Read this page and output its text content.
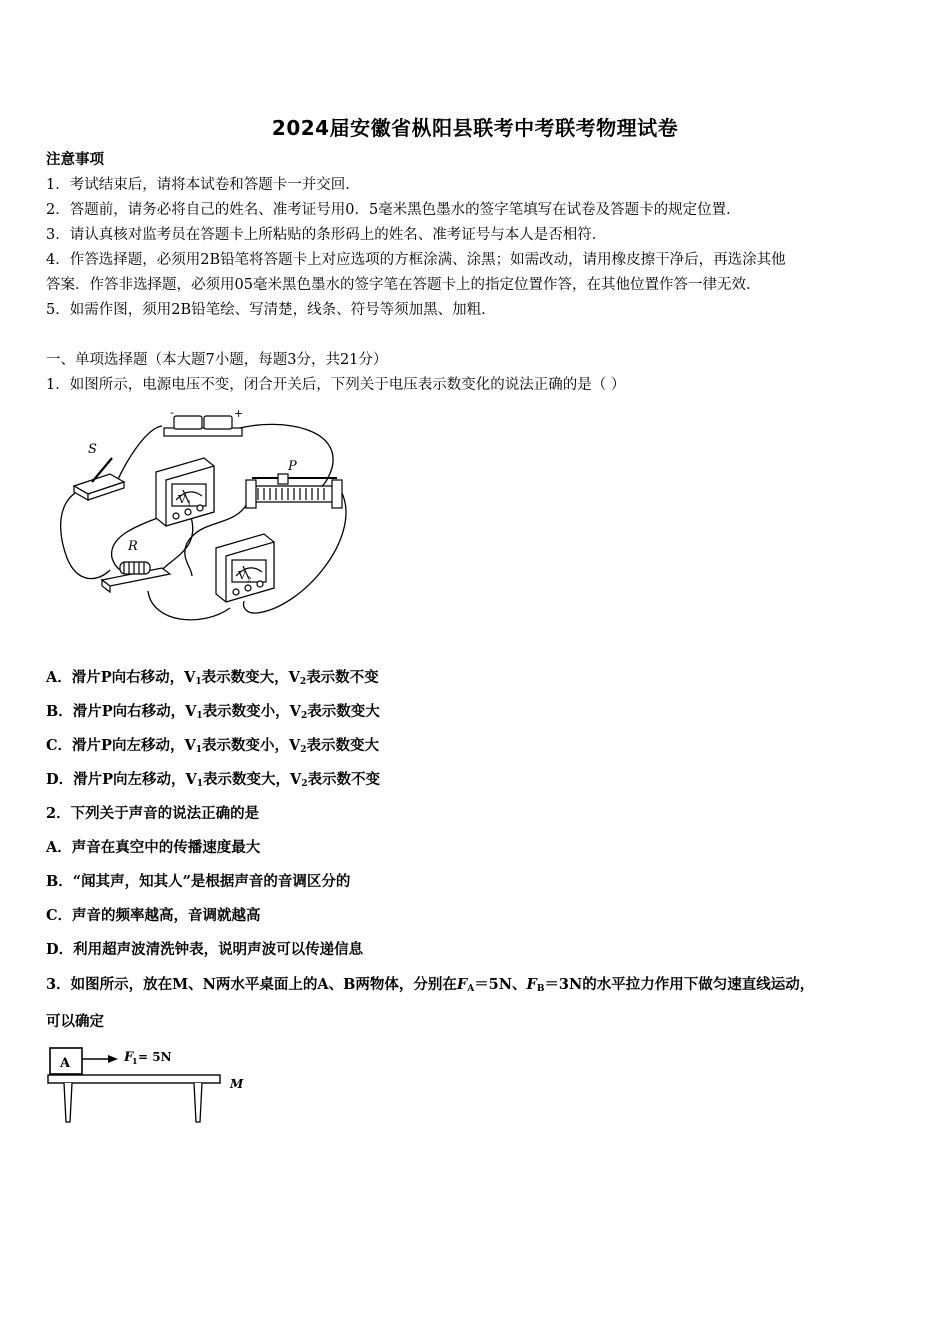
2024届安徽省枞阳县联考中考联考物理试卷
注意事项
1．考试结束后，请将本试卷和答题卡一并交回．
2．答题前，请务必将自己的姓名、准考证号用0．5毫米黑色墨水的签字笔填写在试卷及答题卡的规定位置．
3．请认真核对监考员在答题卡上所粘贴的条形码上的姓名、准考证号与本人是否相符．
4．作答选择题，必须用2B铅笔将答题卡上对应选项的方框涂满、涂黑；如需改动，请用橡皮擦干净后，再选涂其他
答案．作答非选择题，必须用05毫米黑色墨水的签字笔在答题卡上的指定位置作答，在其他位置作答一律无效．
5．如需作图，须用2B铅笔绘、写清楚，线条、符号等须加黑、加粗．
一、单项选择题（本大题7小题，每题3分，共21分）
1．如图所示，电源电压不变，闭合开关后，下列关于电压表示数变化的说法正确的是（ ）
-	+
S
V 1
P
R
V 2
A．滑片P向右移动，$V_1$表示数变大，$V_2$表示数不变
B．滑片P向右移动，$V_1$表示数变小，$V_2$表示数变大
C．滑片P向左移动，$V_1$表示数变小，$V_2$表示数变大
D．滑片P向左移动，$V_1$表示数变大，$V_2$表示数不变
2．下列关于声音的说法正确的是
A．声音在真空中的传播速度最大
B．“闻其声，知其人”是根据声音的音调区分的
C．声音的频率越高，音调就越高
D．利用超声波清洗钟表，说明声波可以传递信息
3．如图所示，放在M、N两水平桌面上的A、B两物体，分别在$F_A=5N$、$F_B=3N$的水平拉力作用下做匀速直线运动，
可以确定
A	F
1 = 5N
M
